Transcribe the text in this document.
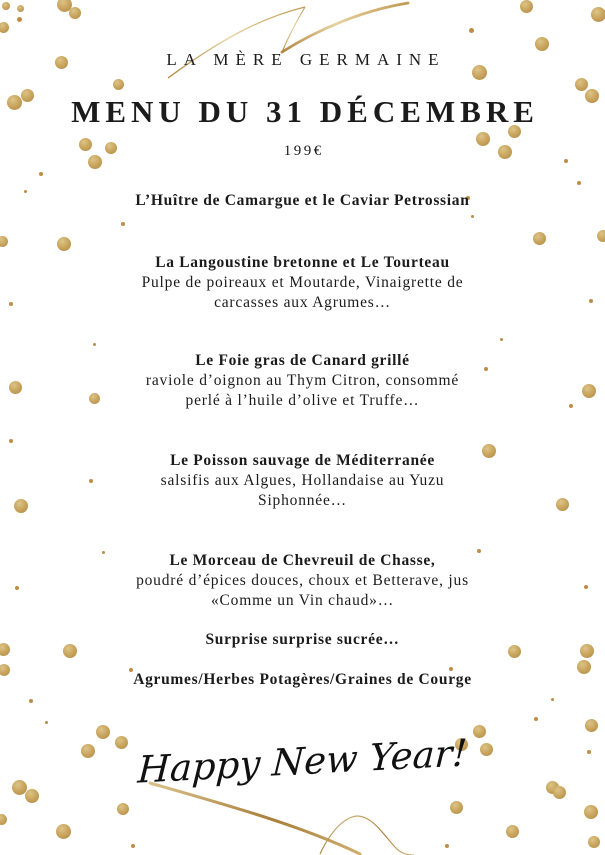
LA MÈRE GERMAINE
MENU DU 31 DÉCEMBRE
199€
L’Huître de Camargue et le Caviar Petrossian
La Langoustine bretonne et Le Tourteau
Pulpe de poireaux et Moutarde, Vinaigrette de
carcasses aux Agrumes…
Le Foie gras de Canard grillé
raviole d’oignon au Thym Citron, consommé
perlé à l’huile d’olive et Truffe…
Le Poisson sauvage de Méditerranée
salsifis aux Algues, Hollandaise au Yuzu
Siphonnée…
Le Morceau de Chevreuil de Chasse,
poudré d’épices douces, choux et Betterave, jus
«Comme un Vin chaud»…
Surprise surprise sucrée…
Agrumes/Herbes Potagères/Graines de Courge
Happy New Year!
